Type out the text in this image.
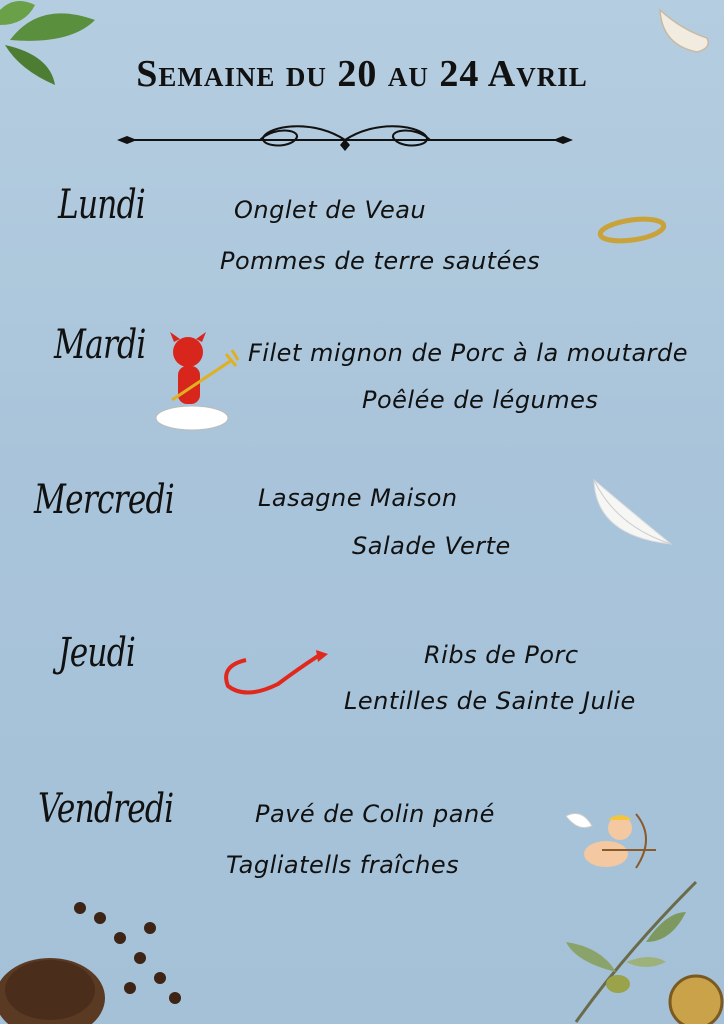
Semaine du 20 au 24 Avril
Lundi	Onglet de Veau
Pommes de terre sautées
Mardi	Filet mignon de Porc à la moutarde
Poêlée de légumes
Mercredi	Lasagne Maison
Salade Verte
Jeudi	Ribs de Porc
Lentilles de Sainte Julie
Vendredi	Pavé de Colin pané
Tagliatells fraîches
